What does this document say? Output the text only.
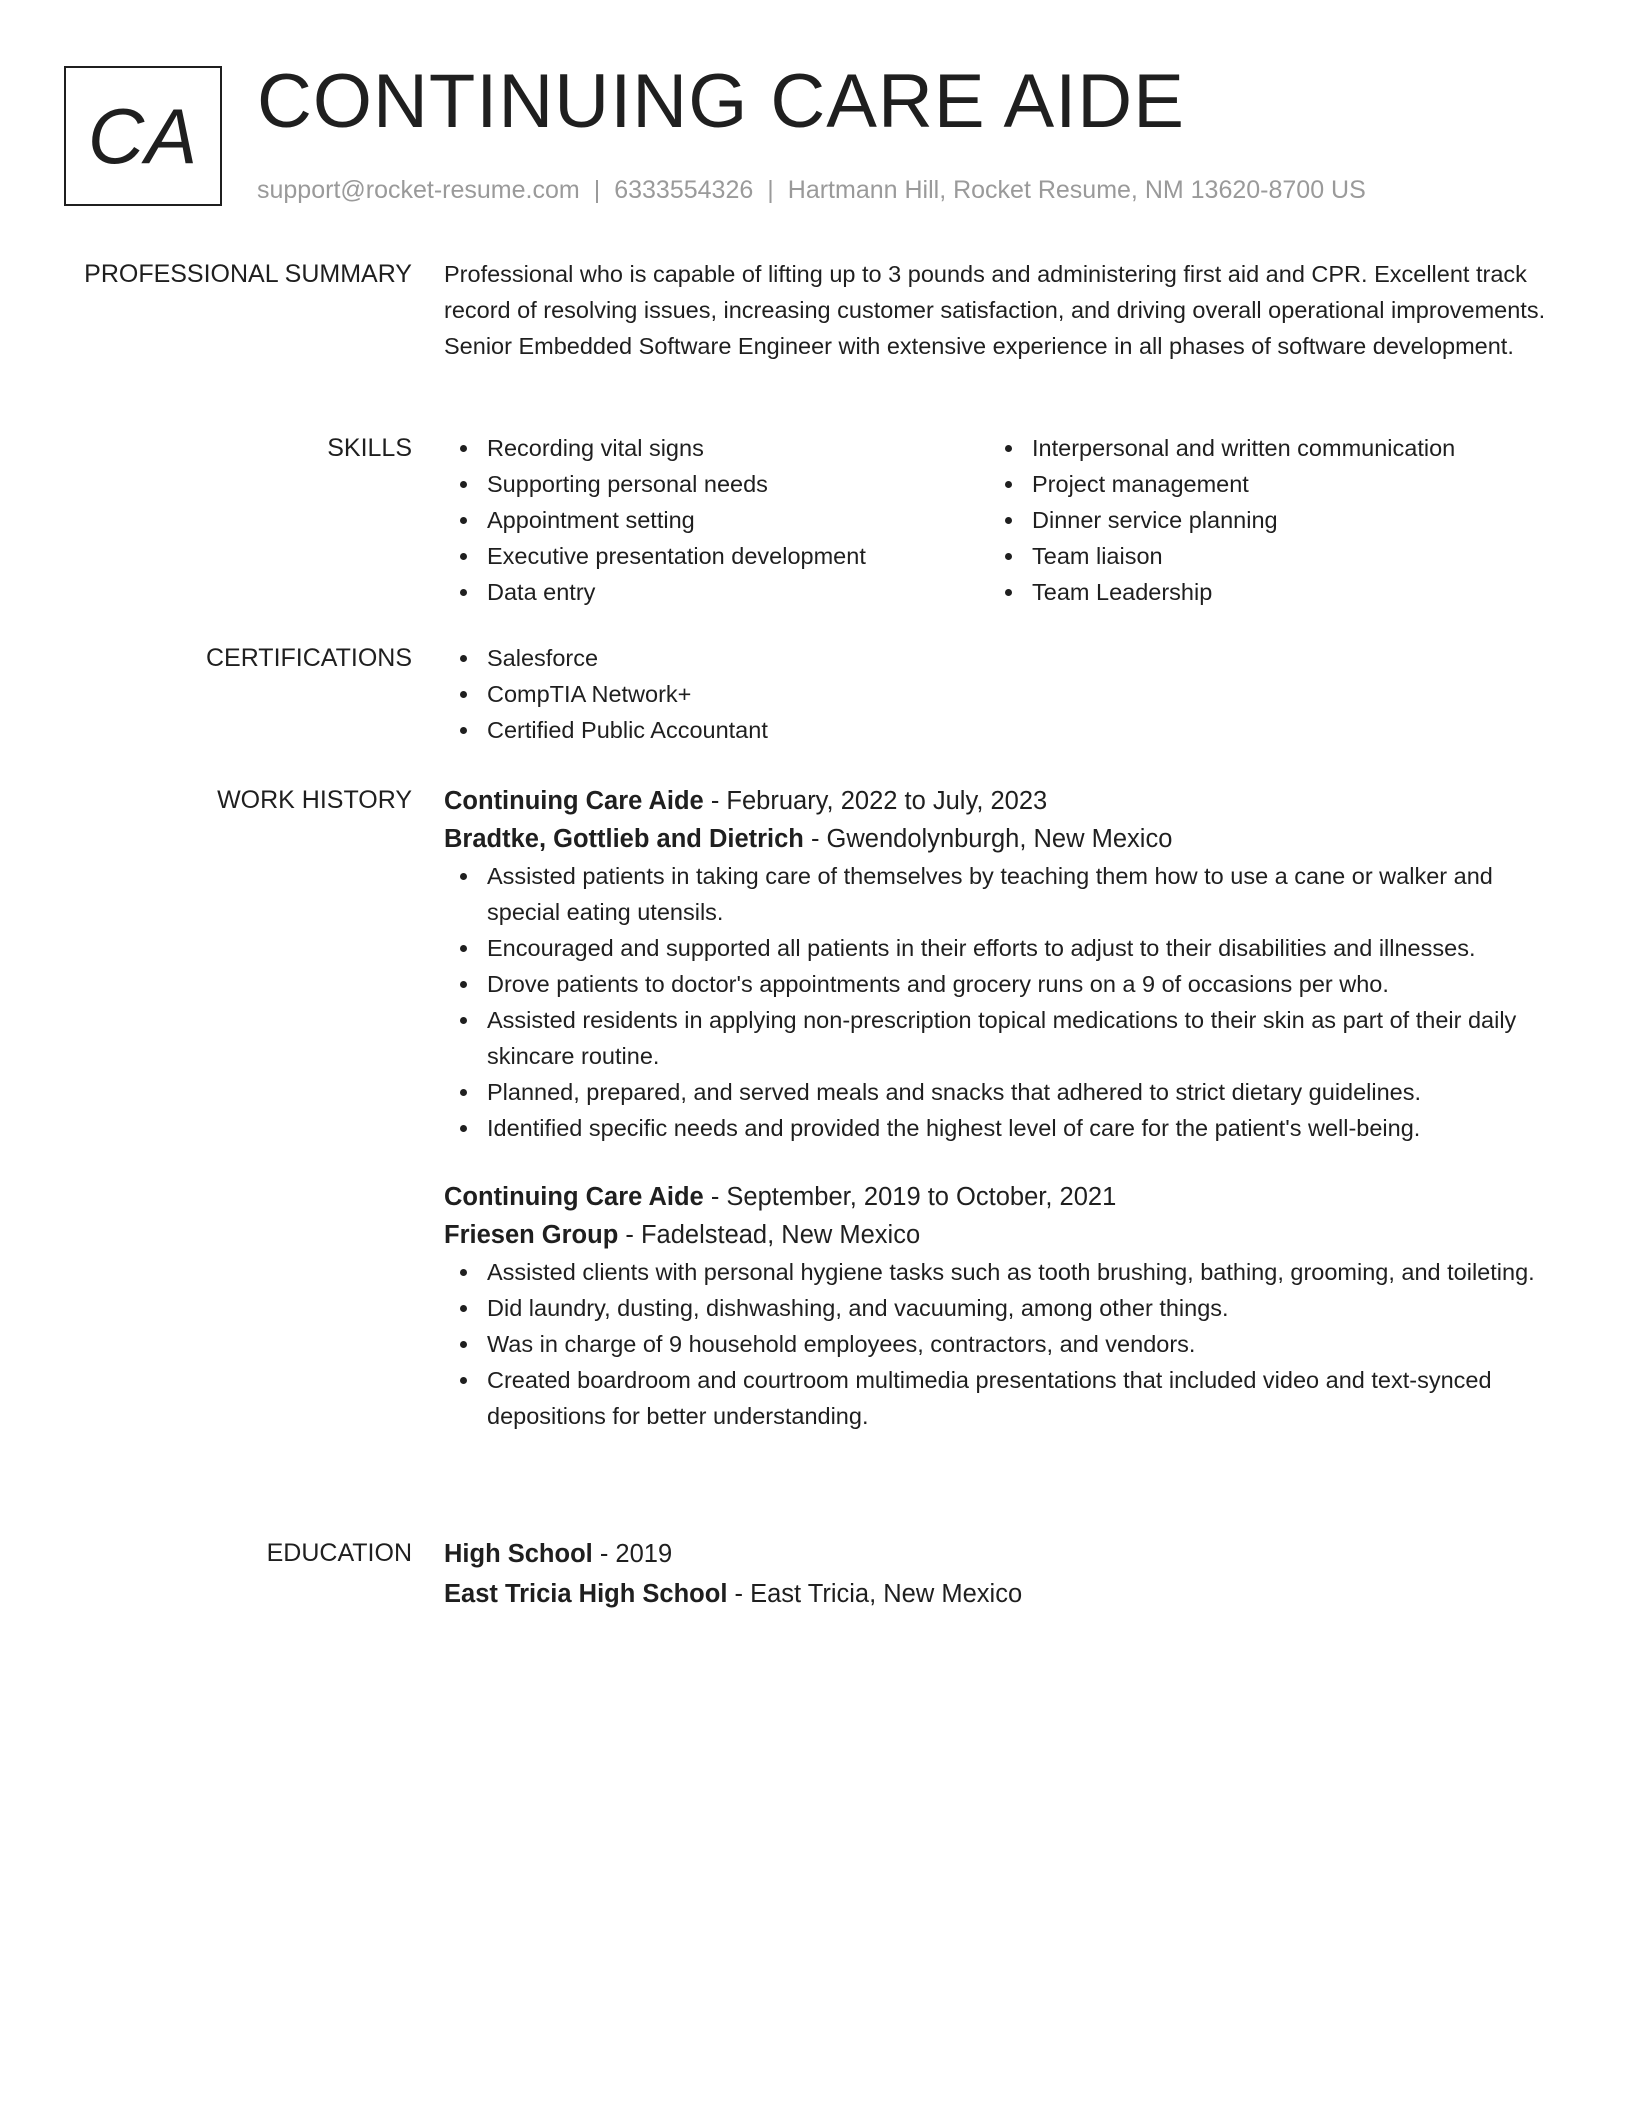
CA CONTINUING CARE AIDE
support@rocket-resume.com | 6333554326 | Hartmann Hill, Rocket Resume, NM 13620-8700 US
PROFESSIONAL SUMMARY Professional who is capable of lifting up to 3 pounds and administering first aid and CPR. Excellent track record of resolving issues, increasing customer satisfaction, and driving overall operational improvements. Senior Embedded Software Engineer with extensive experience in all phases of software development.
SKILLS	Recording vital signs
Supporting personal needs
Appointment setting
Executive presentation development
Data entry
Interpersonal and written communication
Project management
Dinner service planning
Team liaison
Team Leadership
CERTIFICATIONS	Salesforce
CompTIA Network+
Certified Public Accountant
WORK HISTORY Continuing Care Aide - February, 2022 to July, 2023
Bradtke, Gottlieb and Dietrich - Gwendolynburgh, New Mexico
Assisted patients in taking care of themselves by teaching them how to use a cane or walker and special eating utensils.
Encouraged and supported all patients in their efforts to adjust to their disabilities and illnesses.
Drove patients to doctor's appointments and grocery runs on a 9 of occasions per who.
Assisted residents in applying non-prescription topical medications to their skin as part of their daily skincare routine.
Planned, prepared, and served meals and snacks that adhered to strict dietary guidelines.
Identified specific needs and provided the highest level of care for the patient's well-being.
Continuing Care Aide - September, 2019 to October, 2021
Friesen Group - Fadelstead, New Mexico
Assisted clients with personal hygiene tasks such as tooth brushing, bathing, grooming, and toileting.
Did laundry, dusting, dishwashing, and vacuuming, among other things.
Was in charge of 9 household employees, contractors, and vendors.
Created boardroom and courtroom multimedia presentations that included video and text-synced depositions for better understanding.
EDUCATION High School - 2019
East Tricia High School - East Tricia, New Mexico
